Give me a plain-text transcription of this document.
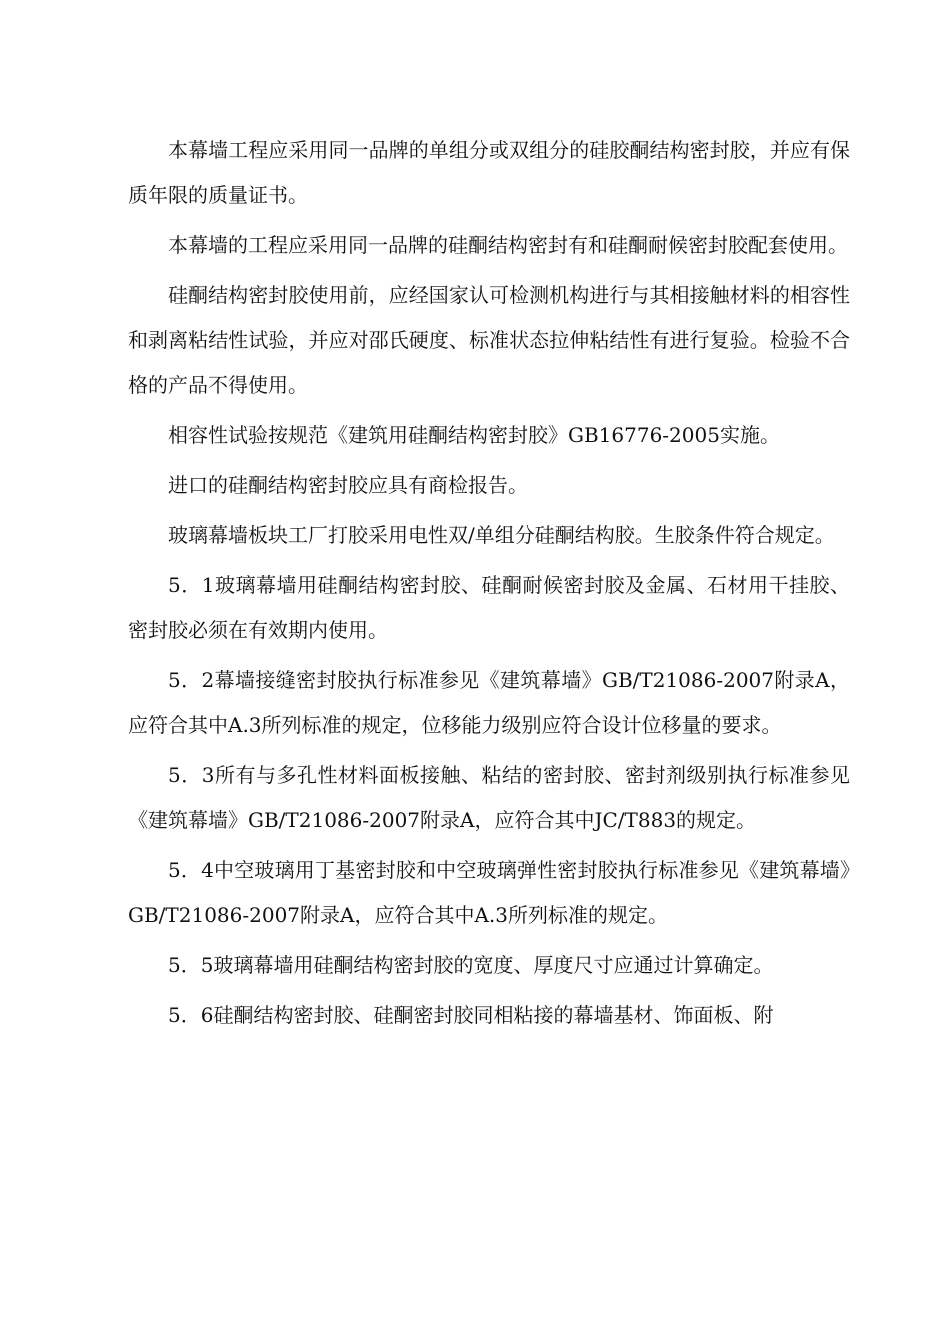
本幕墙工程应采用同一品牌的单组分或双组分的硅胶酮结构密封胶，并应有保质年限的质量证书。

本幕墙的工程应采用同一品牌的硅酮结构密封有和硅酮耐候密封胶配套使用。

硅酮结构密封胶使用前，应经国家认可检测机构进行与其相接触材料的相容性和剥离粘结性试验，并应对邵氏硬度、标准状态拉伸粘结性有进行复验。检验不合格的产品不得使用。

相容性试验按规范《建筑用硅酮结构密封胶》GB16776-2005实施。

进口的硅酮结构密封胶应具有商检报告。

玻璃幕墙板块工厂打胶采用电性双/单组分硅酮结构胶。生胶条件符合规定。

5．1玻璃幕墙用硅酮结构密封胶、硅酮耐候密封胶及金属、石材用干挂胶、密封胶必须在有效期内使用。

5．2幕墙接缝密封胶执行标准参见《建筑幕墙》GB/T21086-2007附录A，应符合其中A.3所列标准的规定，位移能力级别应符合设计位移量的要求。

5．3所有与多孔性材料面板接触、粘结的密封胶、密封剂级别执行标准参见《建筑幕墙》GB/T21086-2007附录A，应符合其中JC/T883的规定。

5．4中空玻璃用丁基密封胶和中空玻璃弹性密封胶执行标准参见《建筑幕墙》GB/T21086-2007附录A，应符合其中A.3所列标准的规定。

5．5玻璃幕墙用硅酮结构密封胶的宽度、厚度尺寸应通过计算确定。

5．6硅酮结构密封胶、硅酮密封胶同相粘接的幕墙基材、饰面板、附
